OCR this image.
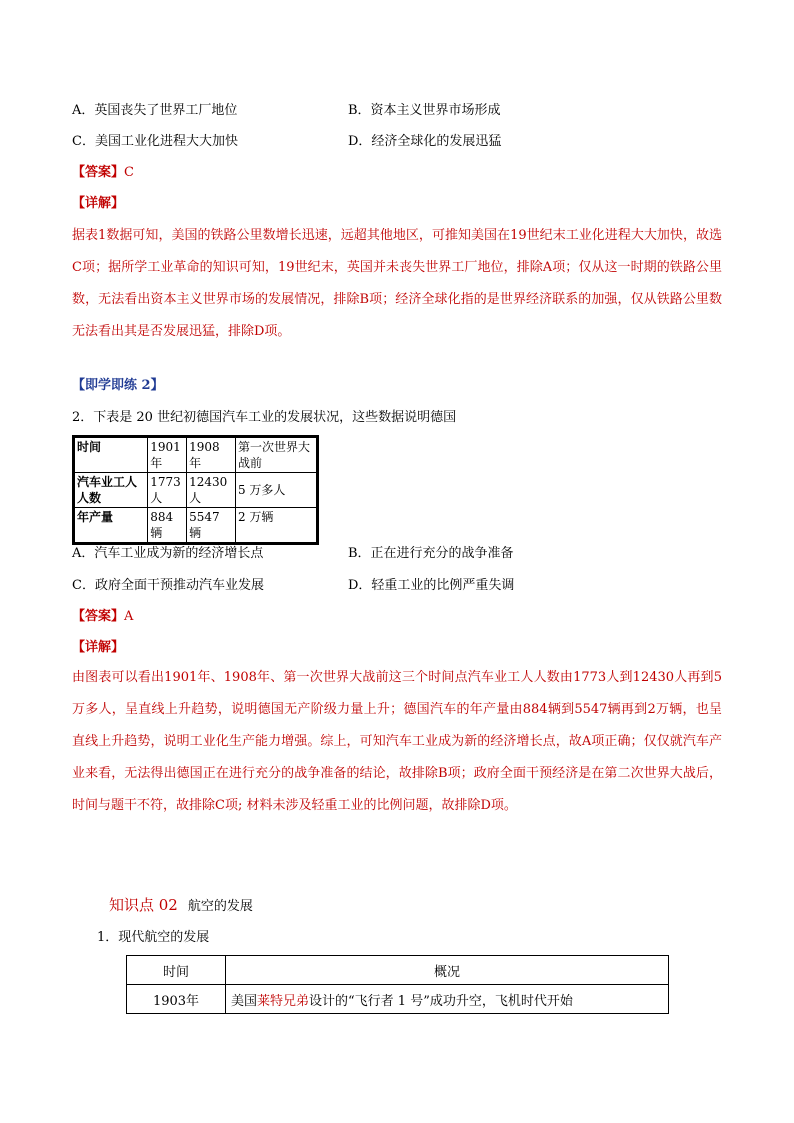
A．英国丧失了世界工厂地位	B．资本主义世界市场形成
C．美国工业化进程大大加快	D．经济全球化的发展迅猛
【答案】C
【详解】
据表1数据可知，美国的铁路公里数增长迅速，远超其他地区，可推知美国在19世纪末工业化进程大大加快，故选C项；据所学工业革命的知识可知，19世纪末，英国并未丧失世界工厂地位，排除A项；仅从这一时期的铁路公里数，无法看出资本主义世界市场的发展情况，排除B项；经济全球化指的是世界经济联系的加强，仅从铁路公里数无法看出其是否发展迅猛，排除D项。
【即学即练 2】
2．下表是 20 世纪初德国汽车工业的发展状况，这些数据说明德国
时间	1901年	1908 年	第一次世界大战前
汽车业工人人数	1773人	12430人	5 万多人
年产量	884 辆	5547 辆	2 万辆
A．汽车工业成为新的经济增长点	B．正在进行充分的战争准备
C．政府全面干预推动汽车业发展	D．轻重工业的比例严重失调
【答案】A
【详解】
由图表可以看出1901年、1908年、第一次世界大战前这三个时间点汽车业工人人数由1773人到12430人再到5万多人，呈直线上升趋势，说明德国无产阶级力量上升；德国汽车的年产量由884辆到5547辆再到2万辆，也呈直线上升趋势，说明工业化生产能力增强。综上，可知汽车工业成为新的经济增长点，故A项正确；仅仅就汽车产业来看，无法得出德国正在进行充分的战争准备的结论，故排除B项；政府全面干预经济是在第二次世界大战后，时间与题干不符，故排除C项; 材料未涉及轻重工业的比例问题，故排除D项。
知识点 02 航空的发展
1．现代航空的发展
时间	概况
1903年	美国莱特兄弟设计的“飞行者 1 号”成功升空，飞机时代开始
